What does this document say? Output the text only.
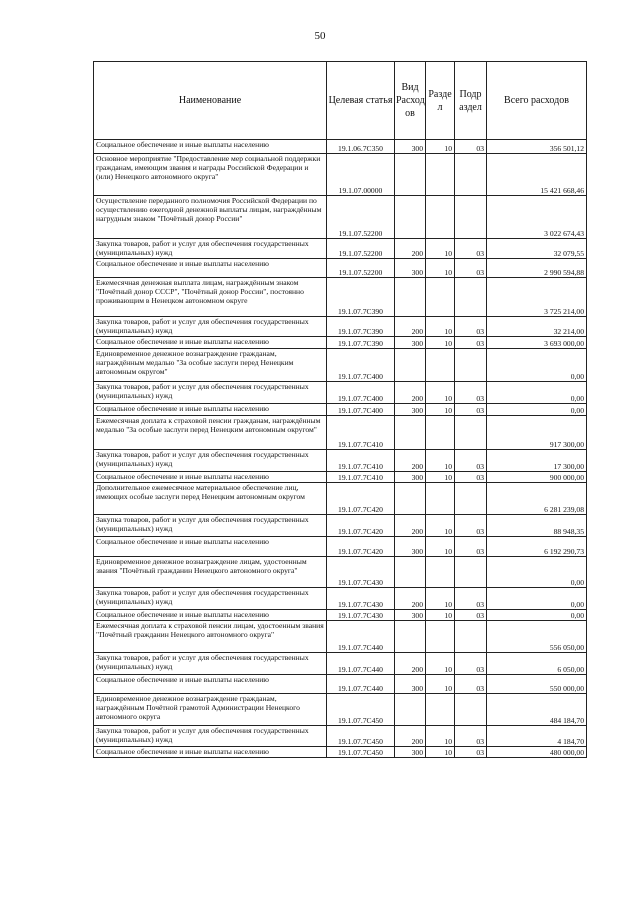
50
Наименование	Целевая статья	Вид Расход ов	Разде л	Подр аздел	Всего расходов
Социальное обеспечение и иные выплаты населению	19.1.06.7С350	300	10	03	356 501,12
Основное мероприятие "Предоставление мер социальной поддержки гражданам, имеющим звания и награды Российской Федерации и (или) Ненецкого автономного округа"	19.1.07.00000				15 421 668,46
Осуществление переданного полномочия Российской Федерации по осуществлению ежегодной денежной выплаты лицам, награждённым нагрудным знаком "Почётный донор России"	19.1.07.52200				3 022 674,43
Закупка товаров, работ и услуг для обеспечения государственных (муниципальных) нужд	19.1.07.52200	200	10	03	32 079,55
Социальное обеспечение и иные выплаты населению	19.1.07.52200	300	10	03	2 990 594,88
Ежемесячная денежная выплата лицам, награждённым знаком "Почётный донор СССР", "Почётный донор России", постоянно проживающим в Ненецком автономном округе	19.1.07.7С390				3 725 214,00
Закупка товаров, работ и услуг для обеспечения государственных (муниципальных) нужд	19.1.07.7С390	200	10	03	32 214,00
Социальное обеспечение и иные выплаты населению	19.1.07.7С390	300	10	03	3 693 000,00
Единовременное денежное вознаграждение гражданам, награждённым медалью "За особые заслуги перед Ненецким автономным округом"	19.1.07.7С400				0,00
Закупка товаров, работ и услуг для обеспечения государственных (муниципальных) нужд	19.1.07.7С400	200	10	03	0,00
Социальное обеспечение и иные выплаты населению	19.1.07.7С400	300	10	03	0,00
Ежемесячная доплата к страховой пенсии гражданам, награждённым медалью "За особые заслуги перед Ненецким автономным округом"	19.1.07.7С410				917 300,00
Закупка товаров, работ и услуг для обеспечения государственных (муниципальных) нужд	19.1.07.7С410	200	10	03	17 300,00
Социальное обеспечение и иные выплаты населению	19.1.07.7С410	300	10	03	900 000,00
Дополнительное ежемесячное материальное обеспечение лиц, имеющих особые заслуги перед Ненецким автономным округом	19.1.07.7С420				6 281 239,08
Закупка товаров, работ и услуг для обеспечения государственных (муниципальных) нужд	19.1.07.7С420	200	10	03	88 948,35
Социальное обеспечение и иные выплаты населению	19.1.07.7С420	300	10	03	6 192 290,73
Единовременное денежное вознаграждение лицам, удостоенным звания "Почётный гражданин Ненецкого автономного округа"	19.1.07.7С430				0,00
Закупка товаров, работ и услуг для обеспечения государственных (муниципальных) нужд	19.1.07.7С430	200	10	03	0,00
Социальное обеспечение и иные выплаты населению	19.1.07.7С430	300	10	03	0,00
Ежемесячная доплата к страховой пенсии лицам, удостоенным звания "Почётный гражданин Ненецкого автономного округа"	19.1.07.7С440				556 050,00
Закупка товаров, работ и услуг для обеспечения государственных (муниципальных) нужд	19.1.07.7С440	200	10	03	6 050,00
Социальное обеспечение и иные выплаты населению	19.1.07.7С440	300	10	03	550 000,00
Единовременное денежное вознаграждение гражданам, награждённым Почётной грамотой Администрации Ненецкого автономного округа	19.1.07.7С450				484 184,70
Закупка товаров, работ и услуг для обеспечения государственных (муниципальных) нужд	19.1.07.7С450	200	10	03	4 184,70
Социальное обеспечение и иные выплаты населению	19.1.07.7С450	300	10	03	480 000,00
